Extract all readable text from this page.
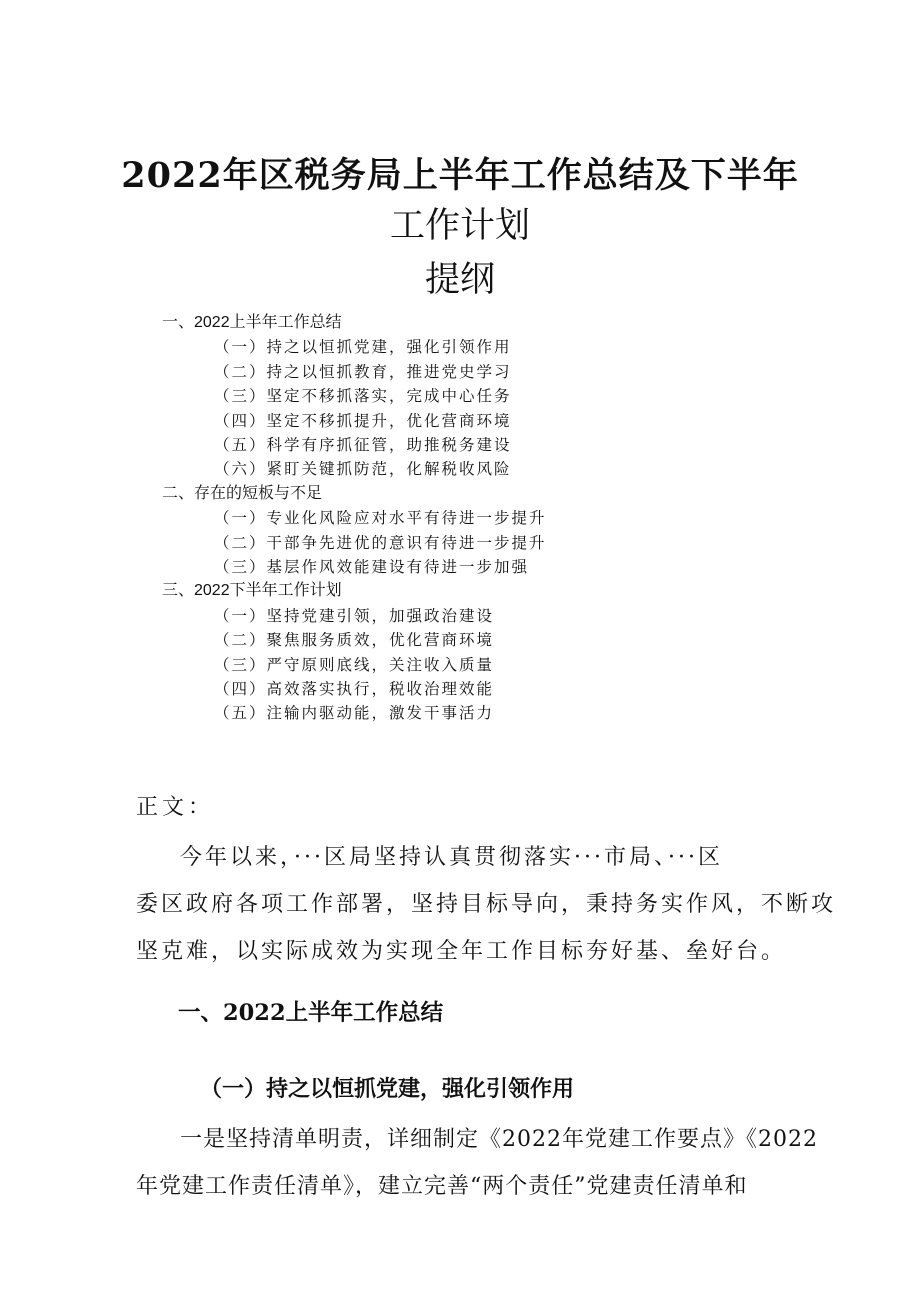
2022年区税务局上半年工作总结及下半年
工作计划
提纲
一、2022上半年工作总结
（一）持之以恒抓党建，强化引领作用
（二）持之以恒抓教育，推进党史学习
（三）坚定不移抓落实，完成中心任务
（四）坚定不移抓提升，优化营商环境
（五）科学有序抓征管，助推税务建设
（六）紧盯关键抓防范，化解税收风险
二、存在的短板与不足
（一）专业化风险应对水平有待进一步提升
（二）干部争先进优的意识有待进一步提升
（三）基层作风效能建设有待进一步加强
三、2022下半年工作计划
（一）坚持党建引领，加强政治建设
（二）聚焦服务质效，优化营商环境
（三）严守原则底线，关注收入质量
（四）高效落实执行，税收治理效能
（五）注输内驱动能，激发干事活力
正文：
今年以来，···区局坚持认真贯彻落实···市局、···区
委区政府各项工作部署，坚持目标导向，秉持务实作风，不断攻
坚克难，以实际成效为实现全年工作目标夯好基、垒好台。
一、2022上半年工作总结
（一）持之以恒抓党建，强化引领作用
一是坚持清单明责，详细制定《2022年党建工作要点》《2022
年党建工作责任清单》，建立完善“两个责任”党建责任清单和
